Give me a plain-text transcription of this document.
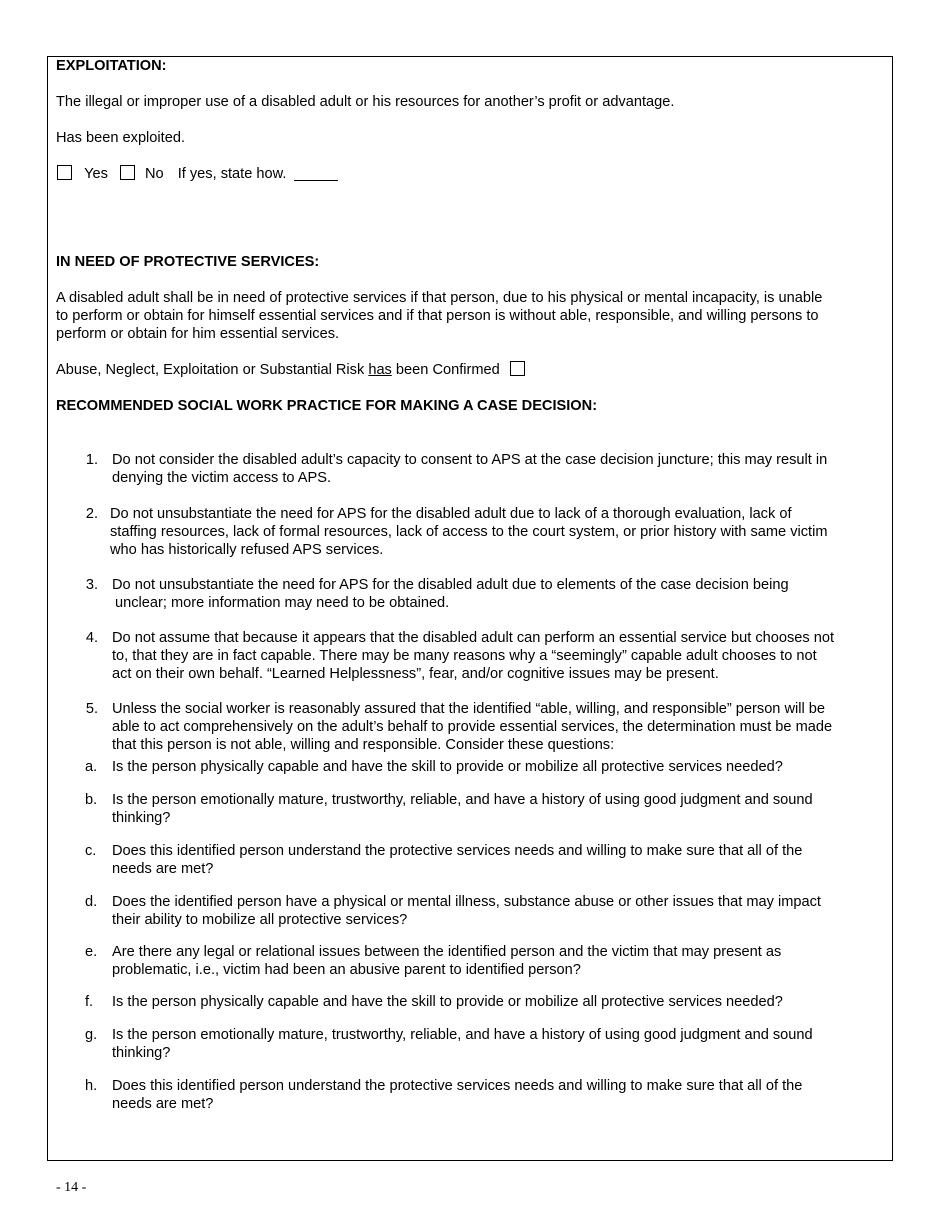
EXPLOITATION:
The illegal or improper use of a disabled adult or his resources for another’s profit or advantage.
Has been exploited.
Yes	No If yes, state how.
IN NEED OF PROTECTIVE SERVICES:
A disabled adult shall be in need of protective services if that person, due to his physical or mental incapacity, is unable
to perform or obtain for himself essential services and if that person is without able, responsible, and willing persons to
perform or obtain for him essential services.
Abuse, Neglect, Exploitation or Substantial Risk has been Confirmed
RECOMMENDED SOCIAL WORK PRACTICE FOR MAKING A CASE DECISION:
1. Do not consider the disabled adult’s capacity to consent to APS at the case decision juncture; this may result in
denying the victim access to APS.
2. Do not unsubstantiate the need for APS for the disabled adult due to lack of a thorough evaluation, lack of
staffing resources, lack of formal resources, lack of access to the court system, or prior history with same victim
who has historically refused APS services.
3. Do not unsubstantiate the need for APS for the disabled adult due to elements of the case decision being
unclear; more information may need to be obtained.
4. Do not assume that because it appears that the disabled adult can perform an essential service but chooses not
to, that they are in fact capable. There may be many reasons why a “seemingly” capable adult chooses to not
act on their own behalf. “Learned Helplessness”, fear, and/or cognitive issues may be present.
5. Unless the social worker is reasonably assured that the identified “able, willing, and responsible” person will be
able to act comprehensively on the adult’s behalf to provide essential services, the determination must be made
that this person is not able, willing and responsible. Consider these questions:
a. Is the person physically capable and have the skill to provide or mobilize all protective services needed?
b. Is the person emotionally mature, trustworthy, reliable, and have a history of using good judgment and sound
thinking?
c. Does this identified person understand the protective services needs and willing to make sure that all of the
needs are met?
d. Does the identified person have a physical or mental illness, substance abuse or other issues that may impact
their ability to mobilize all protective services?
e. Are there any legal or relational issues between the identified person and the victim that may present as
problematic, i.e., victim had been an abusive parent to identified person?
f. Is the person physically capable and have the skill to provide or mobilize all protective services needed?
g. Is the person emotionally mature, trustworthy, reliable, and have a history of using good judgment and sound
thinking?
h. Does this identified person understand the protective services needs and willing to make sure that all of the
needs are met?
- 14 -
